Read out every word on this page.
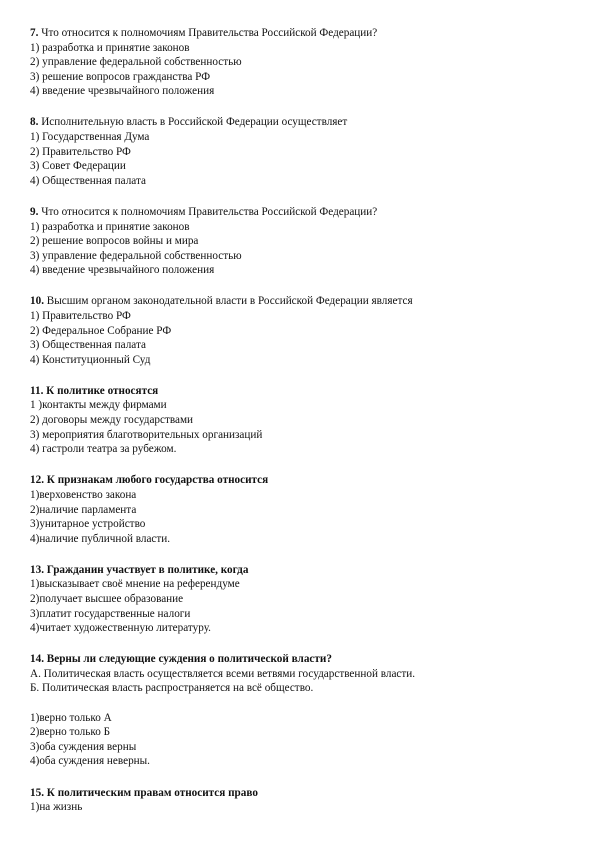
7. Что относится к полномочиям Правительства Российской Федерации?
1) разработка и принятие законов
2) управление федеральной собственностью
3) решение вопросов гражданства РФ
4) введение чрезвычайного положения
8. Исполнительную власть в Российской Федерации осуществляет
1) Государственная Дума
2) Правительство РФ
3) Совет Федерации
4) Общественная палата
9. Что относится к полномочиям Правительства Российской Федерации?
1) разработка и принятие законов
2) решение вопросов войны и мира
3) управление федеральной собственностью
4) введение чрезвычайного положения
10. Высшим органом законодательной власти в Российской Федерации является
1) Правительство РФ
2) Федеральное Собрание РФ
3) Общественная палата
4) Конституционный Суд
11. К политике относятся
1 )контакты между фирмами
2) договоры между государствами
3) мероприятия благотворительных организаций
4) гастроли театра за рубежом.
12. К признакам любого государства относится
1)верховенство закона
2)наличие парламента
3)унитарное устройство
4)наличие публичной власти.
13. Гражданин участвует в политике, когда
1)высказывает своё мнение на референдуме
2)получает высшее образование
3)платит государственные налоги
4)читает художественную литературу.
14. Верны ли следующие суждения о политической власти?
А. Политическая власть осуществляется всеми ветвями государственной власти.
Б. Политическая власть распространяется на всё общество.
1)верно только А
2)верно только Б
3)оба суждения верны
4)оба суждения неверны.
15. К политическим правам относится право
1)на жизнь
